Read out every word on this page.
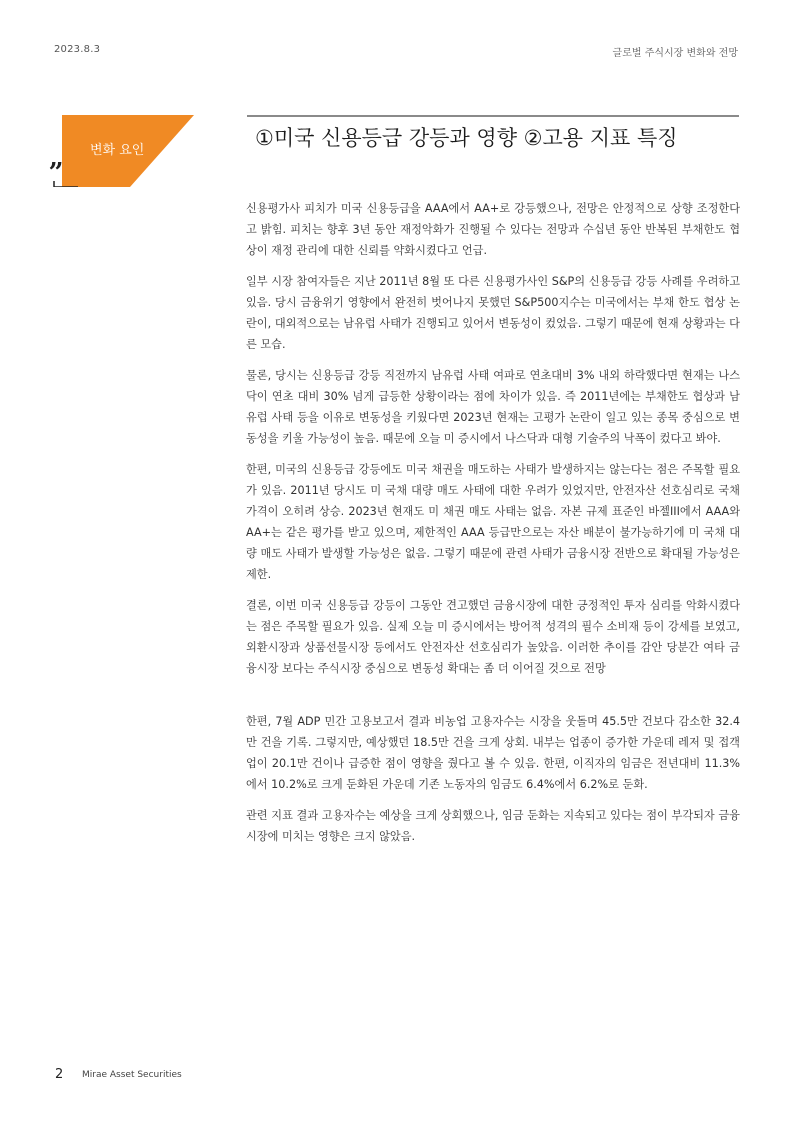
2023.8.3	글로벌 주식시장 변화와 전망
„ 변화 요인
①미국 신용등급 강등과 영향 ②고용 지표 특징

신용평가사 피치가 미국 신용등급을 AAA에서 AA+로 강등했으나, 전망은 안정적으로 상향 조정한다고 밝힘. 피치는 향후 3년 동안 재정악화가 진행될 수 있다는 전망과 수십년 동안 반복된 부채한도 협상이 재정 관리에 대한 신뢰를 약화시켰다고 언급.

일부 시장 참여자들은 지난 2011년 8월 또 다른 신용평가사인 S&P의 신용등급 강등 사례를 우려하고 있음. 당시 금융위기 영향에서 완전히 벗어나지 못했던 S&P500지수는 미국에서는 부채 한도 협상 논란이, 대외적으로는 남유럽 사태가 진행되고 있어서 변동성이 컸었음. 그렇기 때문에 현재 상황과는 다른 모습.

물론, 당시는 신용등급 강등 직전까지 남유럽 사태 여파로 연초대비 3% 내외 하락했다면 현재는 나스닥이 연초 대비 30% 넘게 급등한 상황이라는 점에 차이가 있음. 즉 2011년에는 부채한도 협상과 남유럽 사태 등을 이유로 변동성을 키웠다면 2023년 현재는 고평가 논란이 일고 있는 종목 중심으로 변동성을 키울 가능성이 높음. 때문에 오늘 미 증시에서 나스닥과 대형 기술주의 낙폭이 컸다고 봐야.

한편, 미국의 신용등급 강등에도 미국 채권을 매도하는 사태가 발생하지는 않는다는 점은 주목할 필요가 있음. 2011년 당시도 미 국채 대량 매도 사태에 대한 우려가 있었지만, 안전자산 선호심리로 국채 가격이 오히려 상승. 2023년 현재도 미 채권 매도 사태는 없음. 자본 규제 표준인 바젤III에서 AAA와 AA+는 같은 평가를 받고 있으며, 제한적인 AAA 등급만으로는 자산 배분이 불가능하기에 미 국채 대량 매도 사태가 발생할 가능성은 없음. 그렇기 때문에 관련 사태가 금융시장 전반으로 확대될 가능성은 제한.

결론, 이번 미국 신용등급 강등이 그동안 견고했던 금융시장에 대한 긍정적인 투자 심리를 악화시켰다는 점은 주목할 필요가 있음. 실제 오늘 미 증시에서는 방어적 성격의 필수 소비재 등이 강세를 보였고, 외환시장과 상품선물시장 등에서도 안전자산 선호심리가 높았음. 이러한 추이를 감안 당분간 여타 금융시장 보다는 주식시장 중심으로 변동성 확대는 좀 더 이어질 것으로 전망

한편, 7월 ADP 민간 고용보고서 결과 비농업 고용자수는 시장을 웃돌며 45.5만 건보다 감소한 32.4만 건을 기록. 그렇지만, 예상했던 18.5만 건을 크게 상회. 내부는 업종이 증가한 가운데 레저 및 접객업이 20.1만 건이나 급증한 점이 영향을 줬다고 볼 수 있음. 한편, 이직자의 임금은 전년대비 11.3%에서 10.2%로 크게 둔화된 가운데 기존 노동자의 임금도 6.4%에서 6.2%로 둔화.

관련 지표 결과 고용자수는 예상을 크게 상회했으나, 임금 둔화는 지속되고 있다는 점이 부각되자 금융시장에 미치는 영향은 크지 않았음.

2 Mirae Asset Securities
